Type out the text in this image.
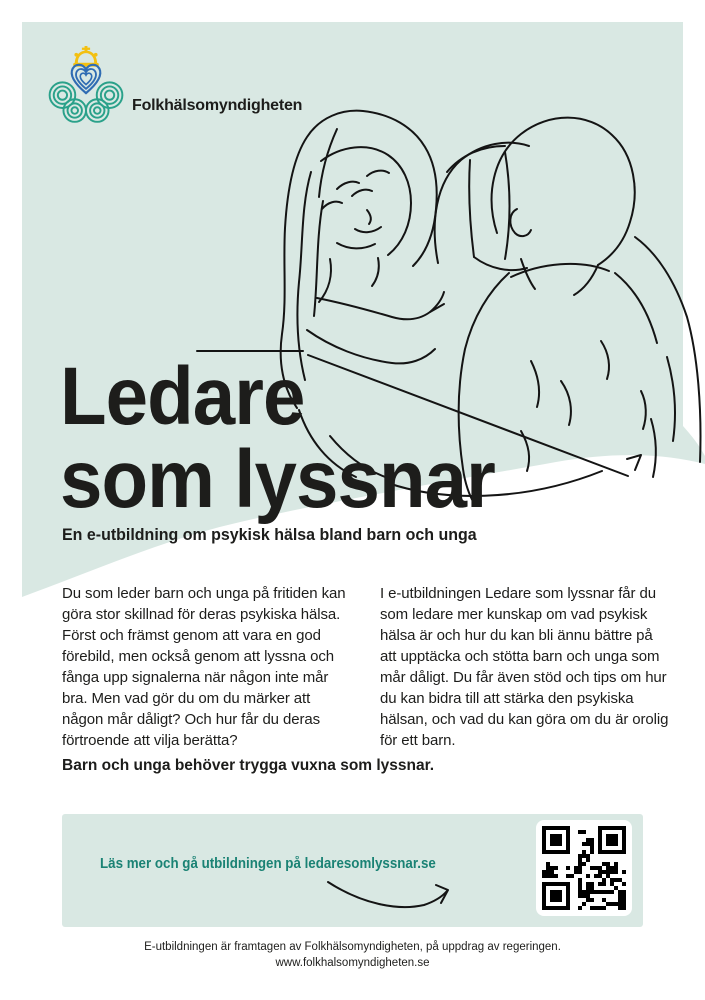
Folkhälsomyndigheten
Ledare
som lyssnar
En e-utbildning om psykisk hälsa bland barn och unga

Du som leder barn och unga på fritiden kan göra stor skillnad för deras psykiska hälsa. Först och främst genom att vara en god förebild, men också genom att lyssna och fånga upp signalerna när någon inte mår bra. Men vad gör du om du märker att någon mår dåligt? Och hur får du deras förtroende att vilja berätta?

I e-utbildningen Ledare som lyssnar får du som ledare mer kunskap om vad psykisk hälsa är och hur du kan bli ännu bättre på att upptäcka och stötta barn och unga som mår dåligt. Du får även stöd och tips om hur du kan bidra till att stärka den psykiska hälsan, och vad du kan göra om du är orolig för ett barn.

Barn och unga behöver trygga vuxna som lyssnar.

Läs mer och gå utbildningen på ledaresomlyssnar.se
E-utbildningen är framtagen av Folkhälsomyndigheten, på uppdrag av regeringen.
www.folkhalsomyndigheten.se
